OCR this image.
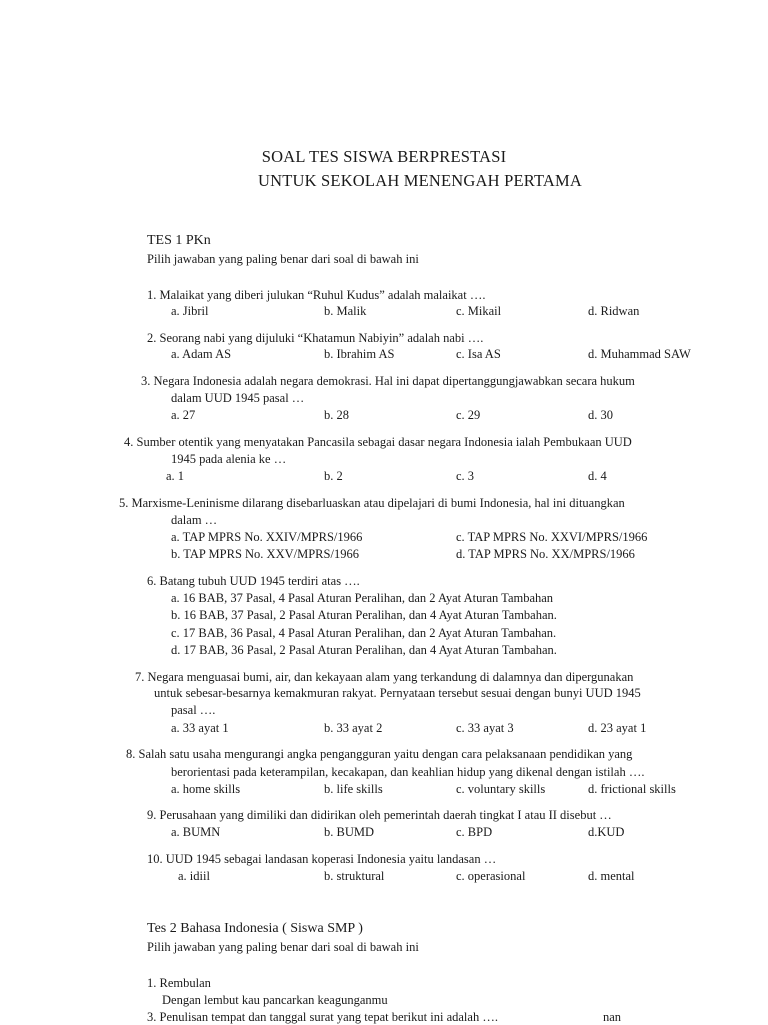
SOAL TES SISWA BERPRESTASI
UNTUK SEKOLAH MENENGAH PERTAMA
TES 1 PKn
Pilih jawaban yang paling benar dari soal di bawah ini
1. Malaikat yang diberi julukan “Ruhul Kudus” adalah malaikat ….
a. Jibril	b. Malik	c. Mikail	d. Ridwan
2. Seorang nabi yang dijuluki “Khatamun Nabiyin” adalah nabi ….
a. Adam AS	b. Ibrahim AS	c. Isa AS	d. Muhammad SAW
3. Negara Indonesia adalah negara demokrasi. Hal ini dapat dipertanggungjawabkan secara hukum
dalam UUD 1945 pasal …
a. 27	b. 28	c. 29	d. 30
4. Sumber otentik yang menyatakan Pancasila sebagai dasar negara Indonesia ialah Pembukaan UUD
1945 pada alenia ke …
a. 1	b. 2	c. 3	d. 4
5. Marxisme-Leninisme dilarang disebarluaskan atau dipelajari di bumi Indonesia, hal ini dituangkan
dalam …
a. TAP MPRS No. XXIV/MPRS/1966	c. TAP MPRS No. XXVI/MPRS/1966
b. TAP MPRS No. XXV/MPRS/1966	d. TAP MPRS No. XX/MPRS/1966
6. Batang tubuh UUD 1945 terdiri atas ….
a. 16 BAB, 37 Pasal, 4 Pasal Aturan Peralihan, dan 2 Ayat Aturan Tambahan
b. 16 BAB, 37 Pasal, 2 Pasal Aturan Peralihan, dan 4 Ayat Aturan Tambahan.
c. 17 BAB, 36 Pasal, 4 Pasal Aturan Peralihan, dan 2 Ayat Aturan Tambahan.
d. 17 BAB, 36 Pasal, 2 Pasal Aturan Peralihan, dan 4 Ayat Aturan Tambahan.
7. Negara menguasai bumi, air, dan kekayaan alam yang terkandung di dalamnya dan dipergunakan
untuk sebesar-besarnya kemakmuran rakyat. Pernyataan tersebut sesuai dengan bunyi UUD 1945
pasal ….
a. 33 ayat 1	b. 33 ayat 2	c. 33 ayat 3	d. 23 ayat 1
8. Salah satu usaha mengurangi angka pengangguran yaitu dengan cara pelaksanaan pendidikan yang
berorientasi pada keterampilan, kecakapan, dan keahlian hidup yang dikenal dengan istilah ….
a. home skills	b. life skills	c. voluntary skills	d. frictional skills
9. Perusahaan yang dimiliki dan didirikan oleh pemerintah daerah tingkat I atau II disebut …
a. BUMN	b. BUMD	c. BPD	d.KUD
10. UUD 1945 sebagai landasan koperasi Indonesia yaitu landasan …
a. idiil	b. struktural	c. operasional	d. mental
Tes 2 Bahasa Indonesia ( Siswa SMP )
Pilih jawaban yang paling benar dari soal di bawah ini
1. Rembulan
Dengan lembut kau pancarkan keagunganmu
3. Penulisan tempat dan tanggal surat yang tepat berikut ini adalah ….	nan
